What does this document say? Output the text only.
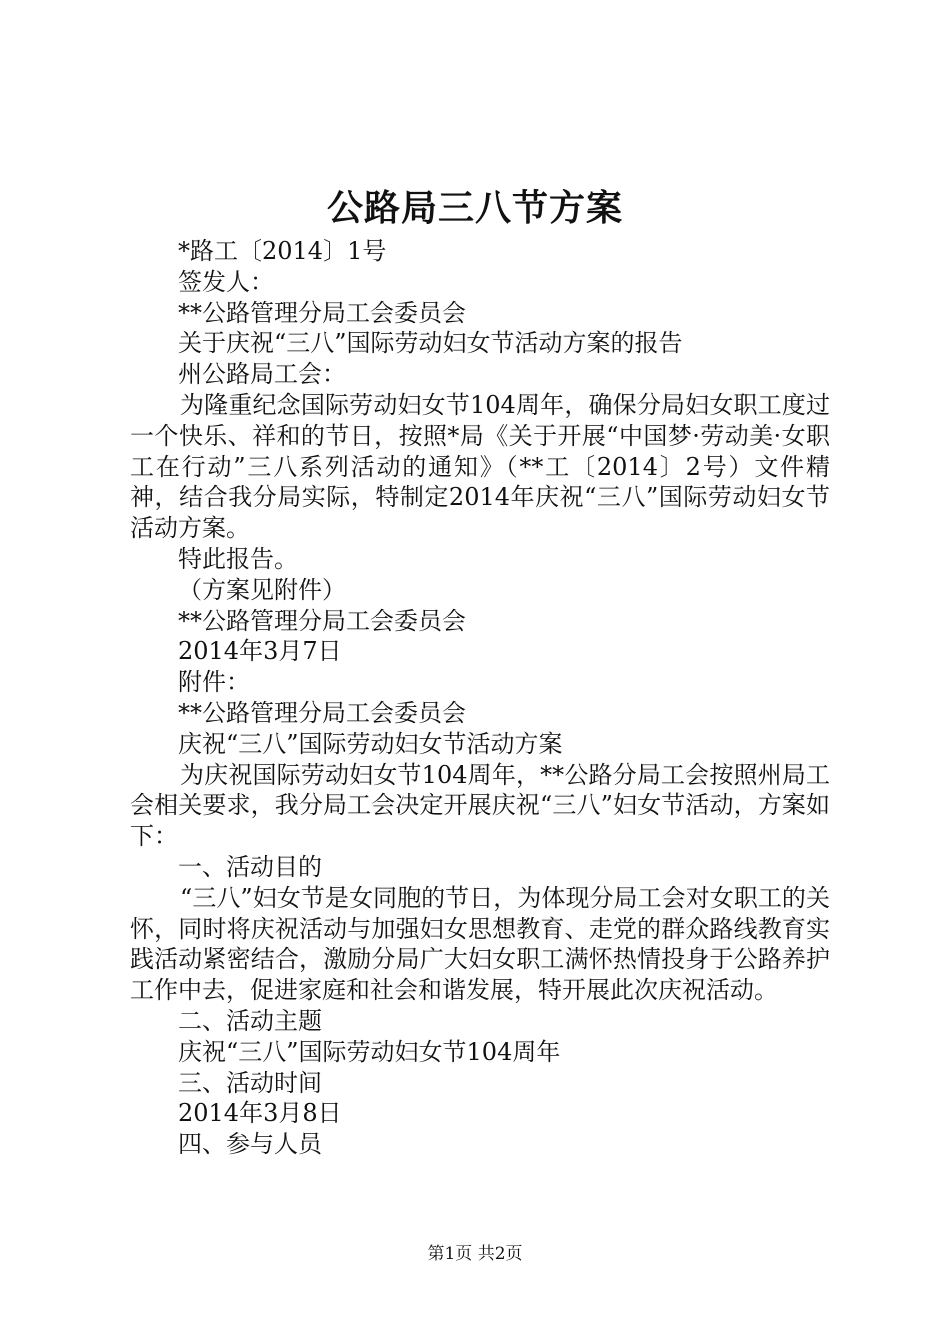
公路局三八节方案

*路工〔2014〕1号

签发人：

**公路管理分局工会委员会

关于庆祝“三八”国际劳动妇女节活动方案的报告

州公路局工会：

为隆重纪念国际劳动妇女节104周年，确保分局妇女职工度过一个快乐、祥和的节日，按照*局《关于开展“中国梦·劳动美·女职工在行动”三八系列活动的通知》（**工〔2014〕2号）文件精神，结合我分局实际，特制定2014年庆祝“三八”国际劳动妇女节活动方案。

特此报告。

（方案见附件）

**公路管理分局工会委员会

2014年3月7日

附件：

**公路管理分局工会委员会

庆祝“三八”国际劳动妇女节活动方案

为庆祝国际劳动妇女节104周年，**公路分局工会按照州局工会相关要求，我分局工会决定开展庆祝“三八”妇女节活动，方案如下：

一、活动目的

“三八”妇女节是女同胞的节日，为体现分局工会对女职工的关怀，同时将庆祝活动与加强妇女思想教育、走党的群众路线教育实践活动紧密结合，激励分局广大妇女职工满怀热情投身于公路养护工作中去，促进家庭和社会和谐发展，特开展此次庆祝活动。

二、活动主题

庆祝“三八”国际劳动妇女节104周年

三、活动时间

2014年3月8日

四、参与人员

第1页 共2页
